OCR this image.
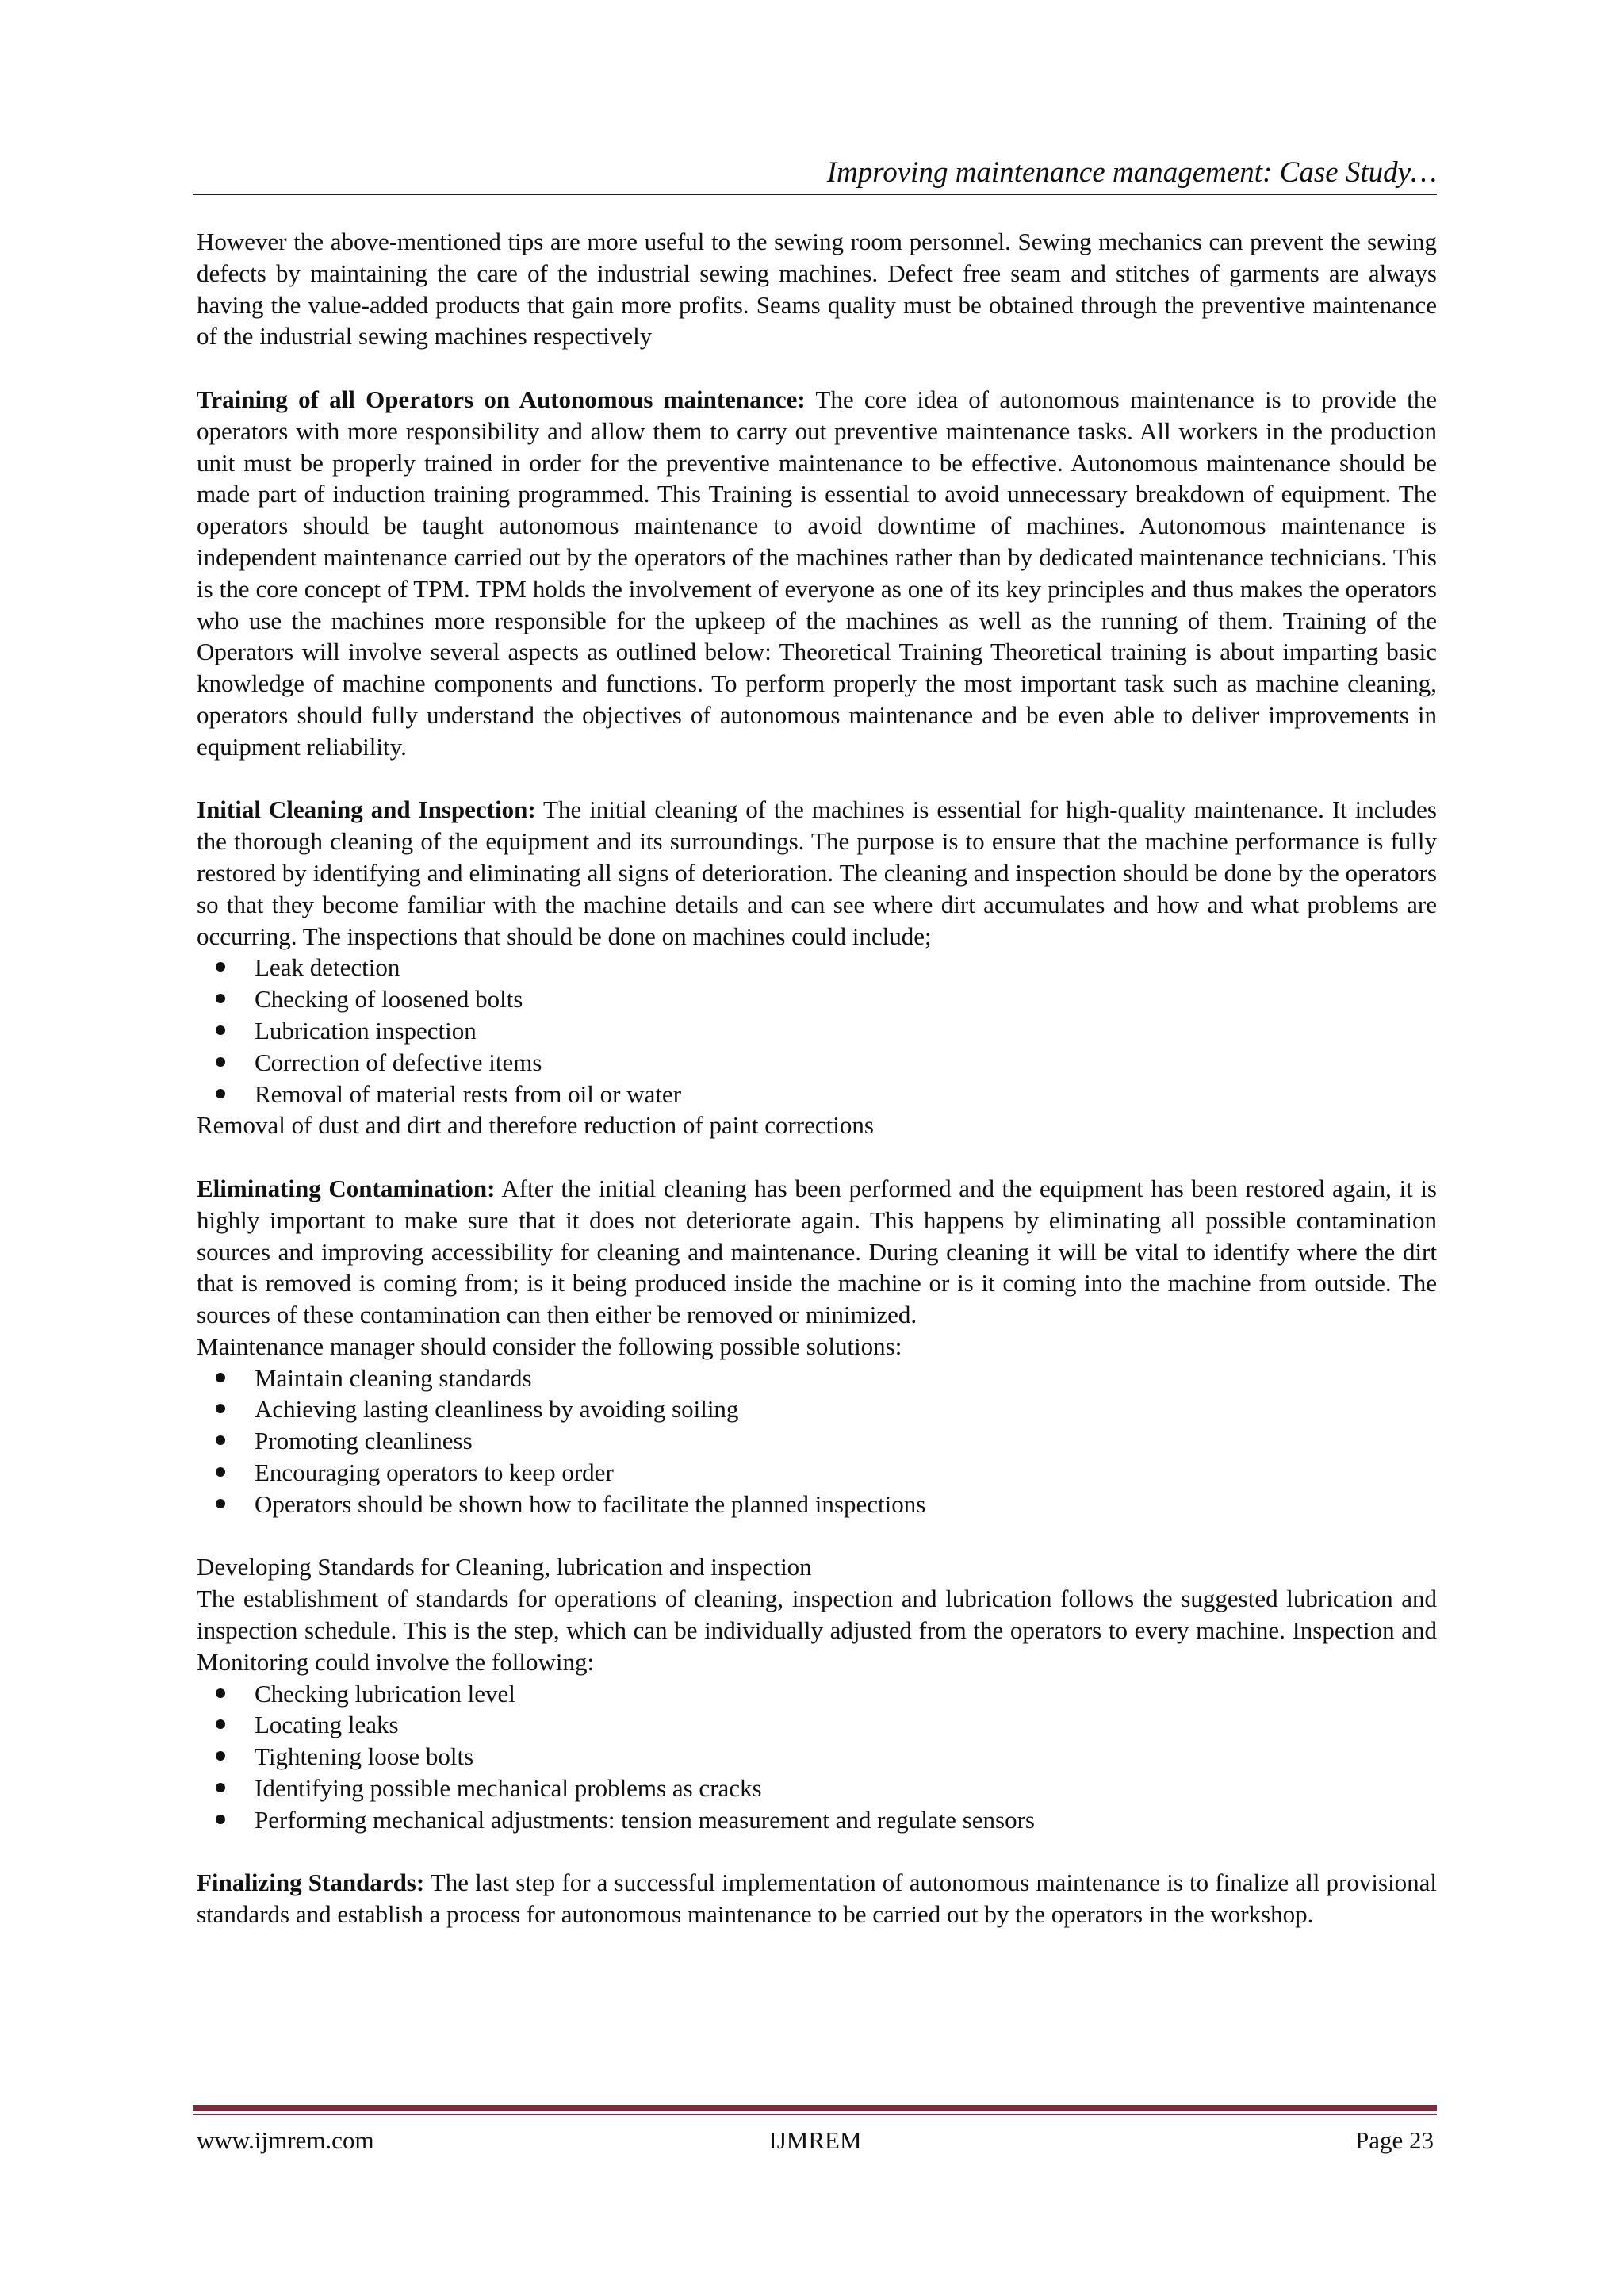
Improving maintenance management: Case Study…

However the above-mentioned tips are more useful to the sewing room personnel. Sewing mechanics can prevent the sewing defects by maintaining the care of the industrial sewing machines. Defect free seam and stitches of garments are always having the value-added products that gain more profits. Seams quality must be obtained through the preventive maintenance of the industrial sewing machines respectively

Training of all Operators on Autonomous maintenance: The core idea of autonomous maintenance is to provide the operators with more responsibility and allow them to carry out preventive maintenance tasks. All workers in the production unit must be properly trained in order for the preventive maintenance to be effective. Autonomous maintenance should be made part of induction training programmed. This Training is essential to avoid unnecessary breakdown of equipment. The operators should be taught autonomous maintenance to avoid downtime of machines. Autonomous maintenance is independent maintenance carried out by the operators of the machines rather than by dedicated maintenance technicians. This is the core concept of TPM. TPM holds the involvement of everyone as one of its key principles and thus makes the operators who use the machines more responsible for the upkeep of the machines as well as the running of them. Training of the Operators will involve several aspects as outlined below: Theoretical Training Theoretical training is about imparting basic knowledge of machine components and functions. To perform properly the most important task such as machine cleaning, operators should fully understand the objectives of autonomous maintenance and be even able to deliver improvements in equipment reliability.

Initial Cleaning and Inspection: The initial cleaning of the machines is essential for high-quality maintenance. It includes the thorough cleaning of the equipment and its surroundings. The purpose is to ensure that the machine performance is fully restored by identifying and eliminating all signs of deterioration. The cleaning and inspection should be done by the operators so that they become familiar with the machine details and can see where dirt accumulates and how and what problems are occurring. The inspections that should be done on machines could include;

Leak detection
Checking of loosened bolts
Lubrication inspection
Correction of defective items
Removal of material rests from oil or water

Removal of dust and dirt and therefore reduction of paint corrections

Eliminating Contamination: After the initial cleaning has been performed and the equipment has been restored again, it is highly important to make sure that it does not deteriorate again. This happens by eliminating all possible contamination sources and improving accessibility for cleaning and maintenance. During cleaning it will be vital to identify where the dirt that is removed is coming from; is it being produced inside the machine or is it coming into the machine from outside. The sources of these contamination can then either be removed or minimized.

Maintenance manager should consider the following possible solutions:

Maintain cleaning standards
Achieving lasting cleanliness by avoiding soiling
Promoting cleanliness
Encouraging operators to keep order
Operators should be shown how to facilitate the planned inspections

Developing Standards for Cleaning, lubrication and inspection

The establishment of standards for operations of cleaning, inspection and lubrication follows the suggested lubrication and inspection schedule. This is the step, which can be individually adjusted from the operators to every machine. Inspection and Monitoring could involve the following:

Checking lubrication level
Locating leaks
Tightening loose bolts
Identifying possible mechanical problems as cracks
Performing mechanical adjustments: tension measurement and regulate sensors

Finalizing Standards: The last step for a successful implementation of autonomous maintenance is to finalize all provisional standards and establish a process for autonomous maintenance to be carried out by the operators in the workshop.

www.ijmrem.com	IJMREM	Page 23
